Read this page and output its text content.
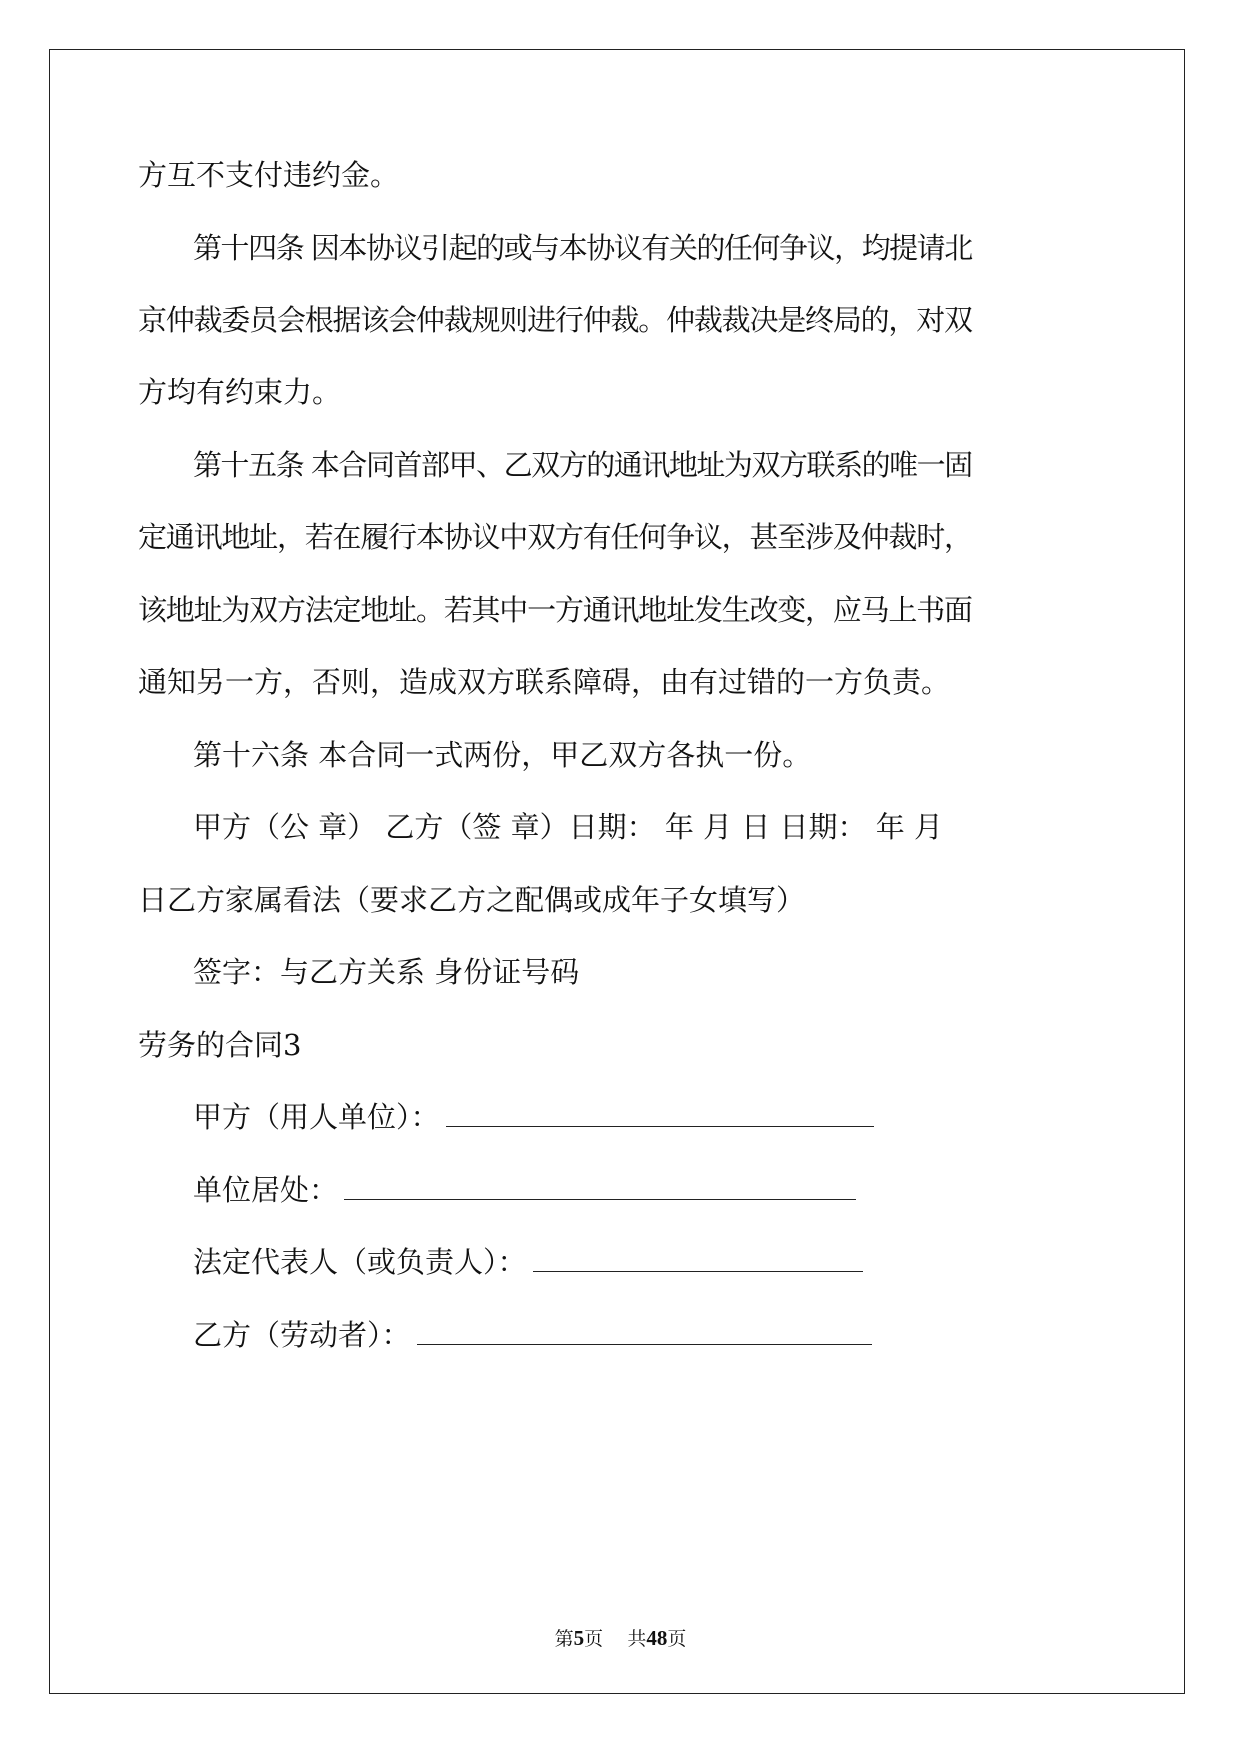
方互不支付违约金。
第十四条 因本协议引起的或与本协议有关的任何争议，均提请北
京仲裁委员会根据该会仲裁规则进行仲裁。仲裁裁决是终局的，对双
方均有约束力。
第十五条 本合同首部甲、乙双方的通讯地址为双方联系的唯一固
定通讯地址，若在履行本协议中双方有任何争议，甚至涉及仲裁时，
该地址为双方法定地址。若其中一方通讯地址发生改变，应马上书面
通知另一方，否则，造成双方联系障碍，由有过错的一方负责。
第十六条 本合同一式两份，甲乙双方各执一份。
甲方（公 章） 乙方（签 章）日期： 年 月 日 日期： 年 月
日乙方家属看法（要求乙方之配偶或成年子女填写）
签字：与乙方关系 身份证号码
劳务的合同3
甲方（用人单位）：
单位居处：
法定代表人（或负责人）：
乙方（劳动者）：
第5页 共48页
